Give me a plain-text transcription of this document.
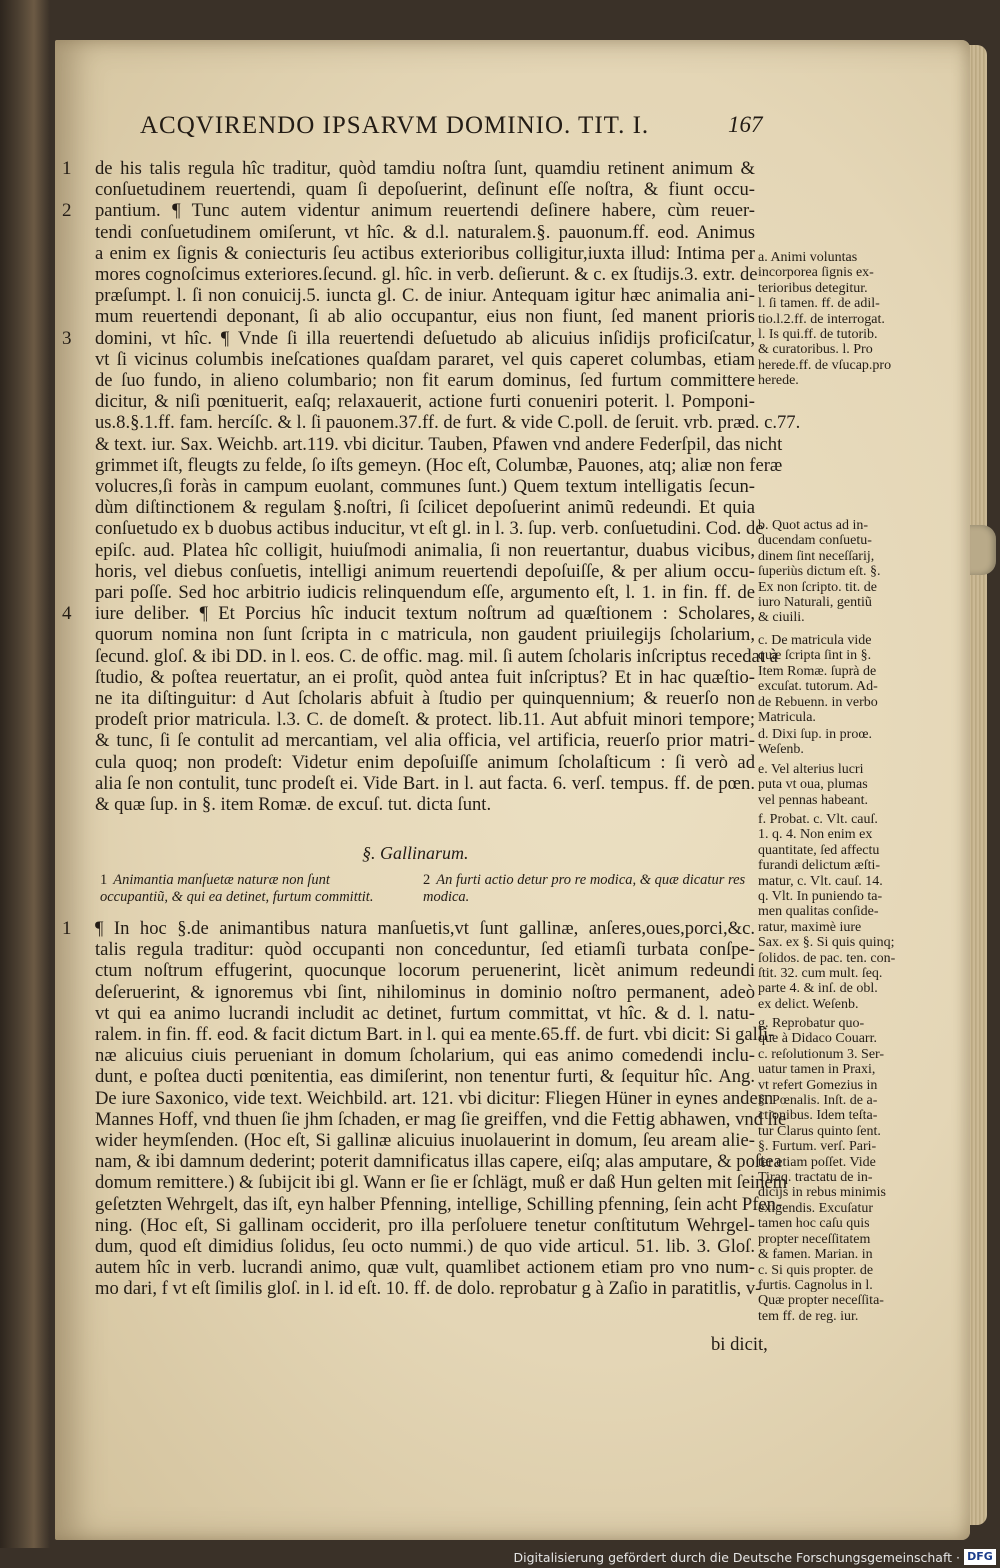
ACQVIRENDO IPSARVM DOMINIO. TIT. I.	167

1 de his talis regula hîc traditur, quòd tamdiu noſtra ſunt, quamdiu retinent animum &

conſuetudinem reuertendi, quam ſi depoſuerint, deſinunt eſſe noſtra, & fiunt occu-

2 pantium. ¶ Tunc autem videntur animum reuertendi deſinere habere, cùm reuer-

tendi conſuetudinem omiſerunt, vt hîc. & d.l. naturalem.§. pauonum.ff. eod. Animus

a enim ex ſignis & coniecturis ſeu actibus exterioribus colligitur,iuxta illud: Intima per

mores cognoſcimus exteriores.ſecund. gl. hîc. in verb. deſierunt. & c. ex ſtudijs.3. extr. de

præſumpt. l. ſi non conuicij.5. iuncta gl. C. de iniur. Antequam igitur hæc animalia ani-

mum reuertendi deponant, ſi ab alio occupantur, eius non fiunt, ſed manent prioris

3 domini, vt hîc. ¶ Vnde ſi illa reuertendi deſuetudo ab alicuius inſidijs proficiſcatur,

vt ſi vicinus columbis ineſcationes quaſdam pararet, vel quis caperet columbas, etiam

de ſuo fundo, in alieno columbario; non fit earum dominus, ſed furtum committere

dicitur, & niſi pœnituerit, eaſq; relaxauerit, actione furti conueniri poterit. l. Pomponi-

us.8.§.1.ff. fam. hercíſc. & l. ſi pauonem.37.ff. de furt. & vide C.poll. de ſeruit. vrb. præd. c.77.

& text. iur. Sax. Weichb. art.119. vbi dicitur. Tauben, Pfawen vnd andere Federſpil, das nicht

grimmet iſt, fleugts zu felde, ſo iſts gemeyn. (Hoc eſt, Columbæ, Pauones, atq; aliæ non feræ

volucres,ſi foràs in campum euolant, communes ſunt.) Quem textum intelligatis ſecun-

dùm diſtinctionem & regulam §.noſtri, ſi ſcilicet depoſuerint animũ redeundi. Et quia

conſuetudo ex b duobus actibus inducitur, vt eſt gl. in l. 3. ſup. verb. conſuetudini. Cod. de

epiſc. aud. Platea hîc colligit, huiuſmodi animalia, ſi non reuertantur, duabus vicibus,

horis, vel diebus conſuetis, intelligi animum reuertendi depoſuiſſe, & per alium occu-

pari poſſe. Sed hoc arbitrio iudicis relinquendum eſſe, argumento eſt, l. 1. in fin. ff. de

4 iure deliber. ¶ Et Porcius hîc inducit textum noſtrum ad quæſtionem : Scholares,

quorum nomina non ſunt ſcripta in c matricula, non gaudent priuilegijs ſcholarium,

ſecund. gloſ. & ibi DD. in l. eos. C. de offic. mag. mil. ſi autem ſcholaris inſcriptus recedat à

ſtudio, & poſtea reuertatur, an ei proſit, quòd antea fuit inſcriptus? Et in hac quæſtio-

ne ita diſtinguitur: d Aut ſcholaris abfuit à ſtudio per quinquennium; & reuerſo non

prodeſt prior matricula. l.3. C. de domeſt. & protect. lib.11. Aut abfuit minori tempore;

& tunc, ſi ſe contulit ad mercantiam, vel alia officia, vel artificia, reuerſo prior matri-

cula quoq; non prodeſt: Videtur enim depoſuiſſe animum ſcholaſticum : ſi verò ad

alia ſe non contulit, tunc prodeſt ei. Vide Bart. in l. aut facta. 6. verſ. tempus. ff. de pœn.

& quæ ſup. in §. item Romæ. de excuſ. tut. dicta ſunt.

§. Gallinarum.
1 Animantia manſuetæ naturæ non ſunt occupantiũ, & qui ea detinet, furtum committit.
2 An furti actio detur pro re modica, & quæ dicatur res modica.

1 ¶ In hoc §.de animantibus natura manſuetis,vt ſunt gallinæ, anſeres,oues,porci,&c.

talis regula traditur: quòd occupanti non conceduntur, ſed etiamſi turbata conſpe-

ctum noſtrum effugerint, quocunque locorum peruenerint, licèt animum redeundi

deſeruerint, & ignoremus vbi ſint, nihilominus in dominio noſtro permanent, adeò

vt qui ea animo lucrandi includit ac detinet, furtum committat, vt hîc. & d. l. natu-

ralem. in fin. ff. eod. & facit dictum Bart. in l. qui ea mente.65.ff. de furt. vbi dicit: Si galli-

næ alicuius ciuis perueniant in domum ſcholarium, qui eas animo comedendi inclu-

dunt, e poſtea ducti pœnitentia, eas dimiſerint, non tenentur furti, & ſequitur hîc. Ang.

De iure Saxonico, vide text. Weichbild. art. 121. vbi dicitur: Fliegen Hüner in eynes andern

Mannes Hoff, vnd thuen ſie jhm ſchaden, er mag ſie greiffen, vnd die Fettig abhawen, vnd ſie

wider heymſenden. (Hoc eſt, Si gallinæ alicuius inuolauerint in domum, ſeu aream alie-

nam, & ibi damnum dederint; poterit damnificatus illas capere, eiſq; alas amputare, & poſtea

domum remittere.) & ſubijcit ibi gl. Wann er ſie er ſchlägt, muß er daß Hun gelten mit ſeinem

geſetzten Wehrgelt, das iſt, eyn halber Pfenning, intellige, Schilling pfenning, ſein acht Pfen-

ning. (Hoc eſt, Si gallinam occiderit, pro illa perſoluere tenetur conſtitutum Wehrgel-

dum, quod eſt dimidius ſolidus, ſeu octo nummi.) de quo vide articul. 51. lib. 3. Gloſ.

autem hîc in verb. lucrandi animo, quæ vult, quamlibet actionem etiam pro vno num-

mo dari, f vt eſt ſimilis gloſ. in l. id eſt. 10. ff. de dolo. reprobatur g à Zaſio in paratitlis, v-

bi dicit,

a. Animi voluntas

incorporea ſignis ex-

terioribus detegitur.

l. ſi tamen. ff. de adil-

tio.l.2.ff. de interrogat.

l. Is qui.ff. de tutorib.

& curatoribus. l. Pro

herede.ff. de vſucap.pro

herede.

b. Quot actus ad in-

ducendam conſuetu-

dinem ſint neceſſarij,

ſuperiùs dictum eſt. §.

Ex non ſcripto. tit. de

iuro Naturali, gentiũ

& ciuili.

c. De matricula vide

quæ ſcripta ſint in §.

Item Romæ. ſuprà de

excuſat. tutorum. Ad-

de Rebuenn. in verbo

Matricula.

d. Dixi ſup. in proœ.

Weſenb.

e. Vel alterius lucri

puta vt oua, plumas

vel pennas habeant.

f. Probat. c. Vlt. cauſ.

1. q. 4. Non enim ex

quantitate, ſed affectu

furandi delictum æſti-

matur, c. Vlt. cauſ. 14.

q. Vlt. In puniendo ta-

men qualitas conſide-

ratur, maximè iure

Sax. ex §. Si quis quinq;

ſolidos. de pac. ten. con-

ſtit. 32. cum mult. ſeq.

parte 4. & inſ. de obl.

ex delict. Weſenb.

g. Reprobatur quo-

que à Didaco Couarr.

c. reſolutionum 3. Ser-

uatur tamen in Praxi,

vt refert Gomezius in

§. Pœnalis. Inſt. de a-

ctionibus. Idem teſta-

tur Clarus quinto ſent.

§. Furtum. verſ. Pari-

ter etiam poſſet. Vide

Tiraq. tractatu de in-

dicijs in rebus minimis

exigendis. Excuſatur

tamen hoc caſu quis

propter neceſſitatem

& famen. Marian. in

c. Si quis propter. de

furtis. Cagnolus in l.

Quæ propter neceſſita-

tem ff. de reg. iur.

Digitalisierung gefördert durch die Deutsche Forschungsgemeinschaft · DFG
